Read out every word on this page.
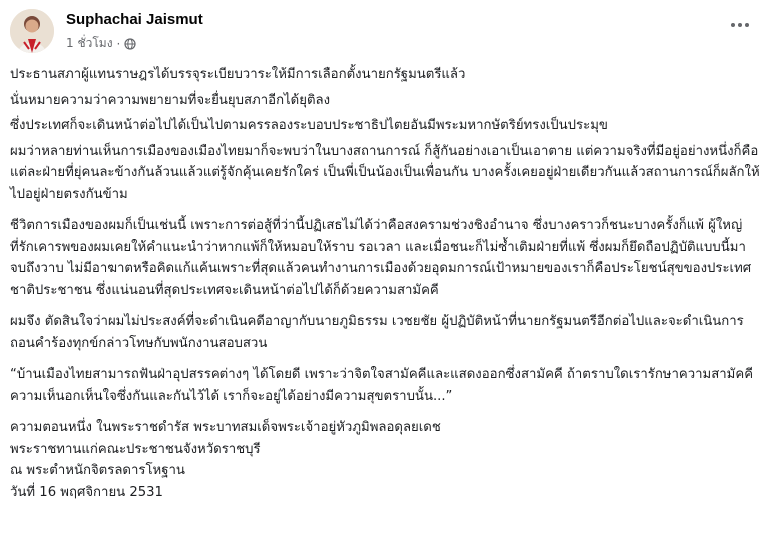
Suphachai Jaismut
1 ชั่วโมง ·

ประธานสภาผู้แทนราษฎรได้บรรจุระเบียบวาระให้มีการเลือกตั้งนายกรัฐมนตรีแล้ว

นั่นหมายความว่าความพยายามที่จะยื่นยุบสภาอีกได้ยุติลง

ซึ่งประเทศก็จะเดินหน้าต่อไปได้เป็นไปตามครรลองระบอบประชาธิปไตยอันมีพระมหากษัตริย์ทรงเป็นประมุข

ผมว่าหลายท่านเห็นการเมืองของเมืองไทยมาก็จะพบว่าในบางสถานการณ์ ก็สู้กันอย่างเอาเป็นเอาตาย แต่ความจริงที่มีอยู่อย่างหนึ่งก็คือแต่ละฝ่ายที่ยุ่คนละข้างกันล้วนแล้วแต่รู้จักคุ้นเคยรักใคร่ เป็นพี่เป็นน้องเป็นเพื่อนกัน บางครั้งเคยอยู่ฝ่ายเดียวกันแล้วสถานการณ์ก็ผลักให้ไปอยู่ฝ่ายตรงกันข้าม

ชีวิตการเมืองของผมก็เป็นเช่นนี้ เพราะการต่อสู้ที่ว่านี้ปฏิเสธไม่ได้ว่าคือสงครามช่วงชิงอำนาจ ซึ่งบางคราวก็ชนะบางครั้งก็แพ้ ผู้ใหญ่ที่รักเคารพของผมเคยให้คำแนะนำว่าหากแพ้ก็ให้หมอบให้ราบ รอเวลา และเมื่อชนะก็ไม่ซ้ำเติมฝ่ายที่แพ้ ซึ่งผมก็ยึดถือปฏิบัติแบบนี้มา จบถึงวาบ ไม่มีอาฆาตหรือคิดแก้แค้นเพราะที่สุดแล้วคนทำงานการเมืองด้วยอุดมการณ์เป้าหมายของเราก็คือประโยชน์สุขของประเทศชาติประชาชน ซึ่งแน่นอนที่สุดประเทศจะเดินหน้าต่อไปได้ก็ด้วยความสามัคคี

ผมจึง ตัดสินใจว่าผมไม่ประสงค์ที่จะดำเนินคดีอาญากับนายภูมิธรรม เวชยชัย ผู้ปฏิบัติหน้าที่นายกรัฐมนตรีอีกต่อไปและจะดำเนินการถอนคำร้องทุกข์กล่าวโทษกับพนักงานสอบสวน

“บ้านเมืองไทยสามารถฟันฝ่าอุปสรรคต่างๆ ได้โดยดี เพราะว่าจิตใจสามัคคีและแสดงออกซึ่งสามัคคี ถ้าตราบใดเรารักษาความสามัคคีความเห็นอกเห็นใจซึ่งกันและกันไว้ได้ เราก็จะอยู่ได้อย่างมีความสุขตราบนั้น...”

ความตอนหนึ่ง ในพระราชดำรัส พระบาทสมเด็จพระเจ้าอยู่หัวภูมิพลอดุลยเดช

พระราชทานแก่คณะประชาชนจังหวัดราชบุรี

ณ พระตำหนักจิตรลดารโหฐาน

วันที่ 16 พฤศจิกายน 2531
